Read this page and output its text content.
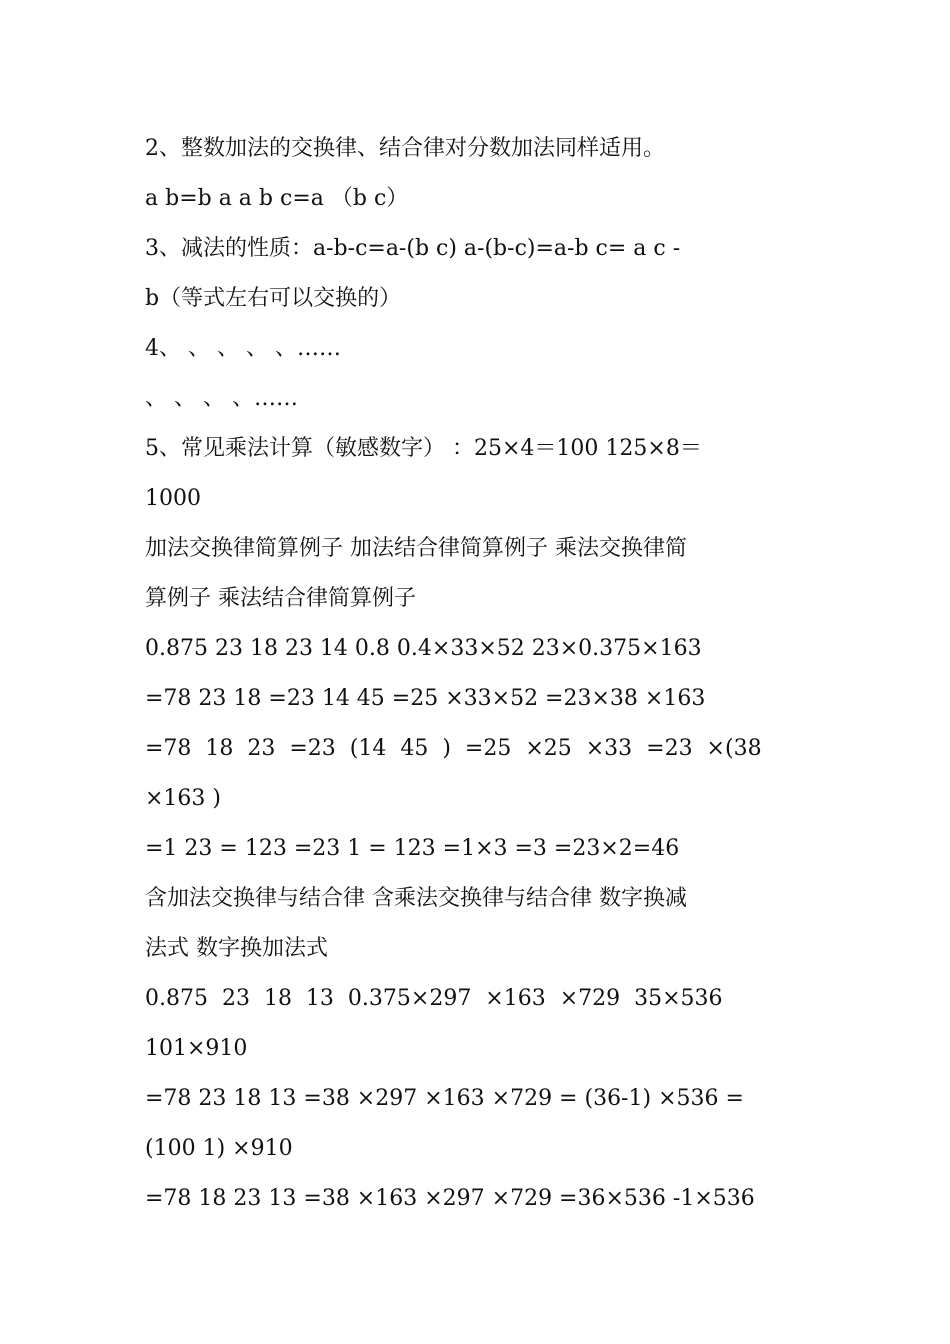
2、整数加法的交换律、结合律对分数加法同样适用。
a b=b a a b c=a （b c）
3、减法的性质：a-b-c=a-(b c) a-(b-c)=a-b c= a c -
b（等式左右可以交换的）
4、 、 、 、 、……
、 、 、 、……
5、常见乘法计算（敏感数字） ：25×4＝100 125×8＝
1000
加法交换律简算例子 加法结合律简算例子 乘法交换律简
算例子 乘法结合律简算例子
0.875 23 18 23 14 0.8 0.4×33×52 23×0.375×163
=78 23 18 =23 14 45 =25 ×33×52 =23×38 ×163
=78  18  23  =23  (14  45  )  =25  ×25  ×33  =23  ×(38
×163 )
=1 23 = 123 =23 1 = 123 =1×3 =3 =23×2=46
含加法交换律与结合律 含乘法交换律与结合律 数字换减
法式 数字换加法式
0.875  23  18  13  0.375×297  ×163  ×729  35×536
101×910
=78 23 18 13 =38 ×297 ×163 ×729 = (36-1) ×536 =
(100 1) ×910
=78 18 23 13 =38 ×163 ×297 ×729 =36×536 -1×536
